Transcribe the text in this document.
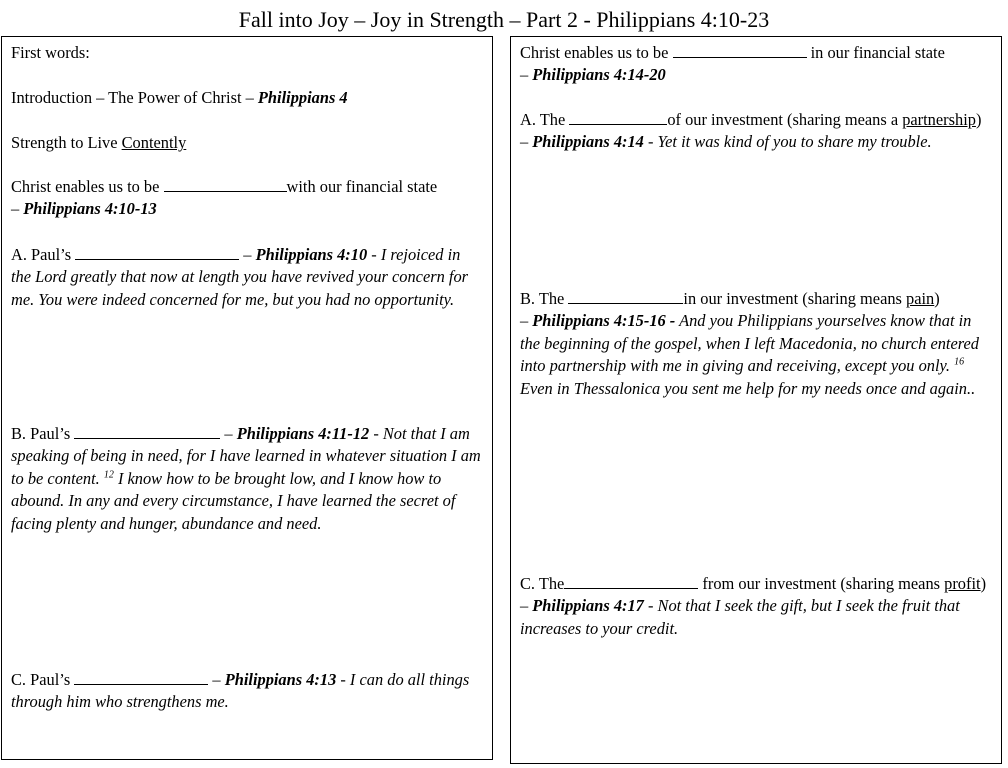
Fall into Joy – Joy in Strength – Part 2 - Philippians 4:10-23
First words:
Introduction – The Power of Christ – Philippians 4
Strength to Live Contently
Christ enables us to be	with our financial state
– Philippians 4:10-13
A. Paul’s	– Philippians 4:10 - I rejoiced in the Lord greatly that now at length you have revived your concern for me. You were indeed concerned for me, but you had no opportunity.
B. Paul’s	– Philippians 4:11-12 - Not that I am speaking of being in need, for I have learned in whatever situation I am to be content. $^{12}$ I know how to be brought low, and I know how to abound. In any and every circumstance, I have learned the secret of facing plenty and hunger, abundance and need.
C. Paul’s	– Philippians 4:13 - I can do all things through him who strengthens me.
Christ enables us to be	in our financial state
– Philippians 4:14-20
A. The	of our investment (sharing means a partnership) – Philippians 4:14 - Yet it was kind of you to share my trouble.
B. The	in our investment (sharing means pain)
– Philippians 4:15-16 - And you Philippians yourselves know that in the beginning of the gospel, when I left Macedonia, no church entered into partnership with me in giving and receiving, except you only. $^{16}$ Even in Thessalonica you sent me help for my needs once and again..
C. The	from our investment (sharing means profit) – Philippians 4:17 - Not that I seek the gift, but I seek the fruit that increases to your credit.
